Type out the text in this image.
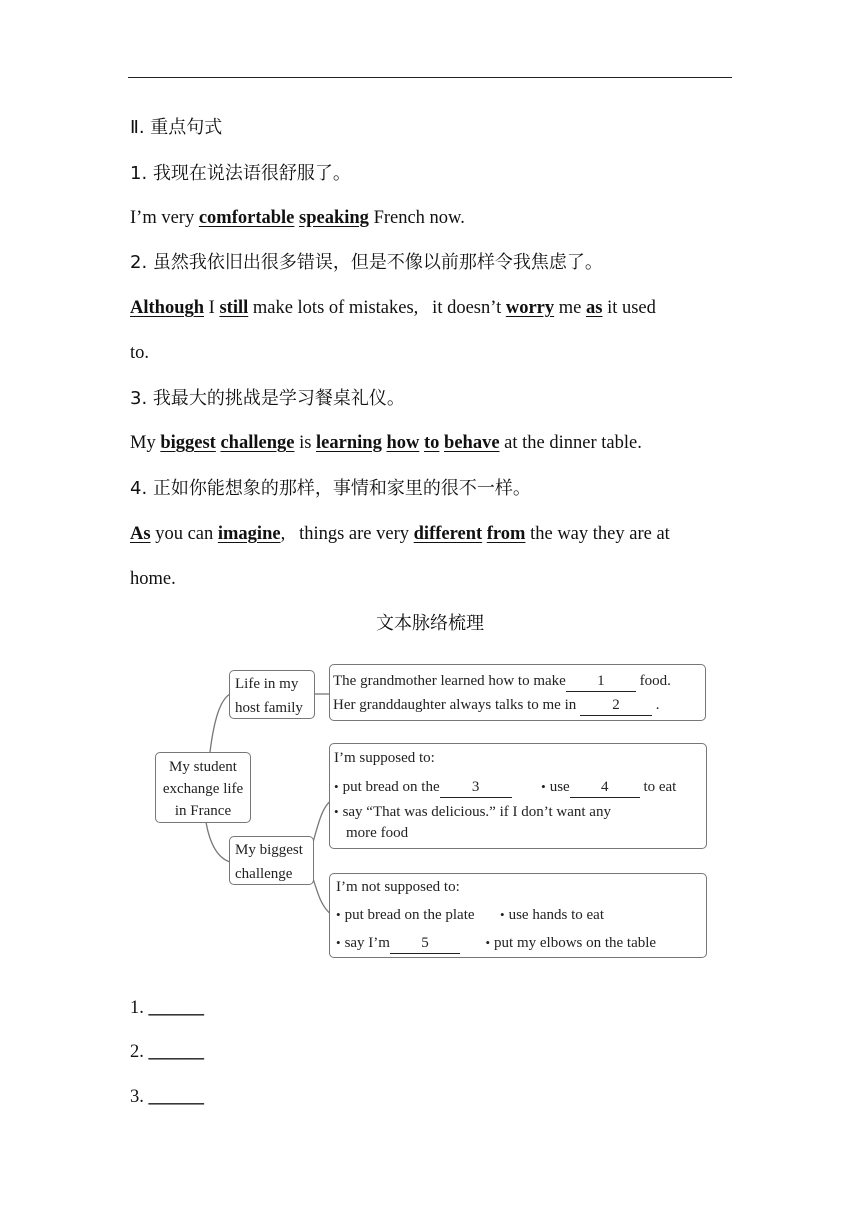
Ⅱ. 重点句式
1. 我现在说法语很舒服了。
I’m very comfortable speaking French now.
2. 虽然我依旧出很多错误，但是不像以前那样令我焦虑了。
Although I still make lots of mistakes,   it doesn’t worry me as it used
to.
3. 我最大的挑战是学习餐桌礼仪。
My biggest challenge is learning how to behave at the dinner table.
4. 正如你能想象的那样，事情和家里的很不一样。
As you can imagine,   things are very different from the way they are at
home.
文本脉络梳理
My student
exchange life
in France
Life in my
host family
My biggest
challenge
The grandmother learned how to make 1 food.
Her granddaughter always talks to me in 2 .
I’m supposed to:
• put bread on the 3	• use 4 to eat
• say “That was delicious.” if I don’t want any
more food
I’m not supposed to:
• put bread on the plate • use hands to eat
• say I’m 5	• put my elbows on the table
1. ______
2. ______
3. ______
